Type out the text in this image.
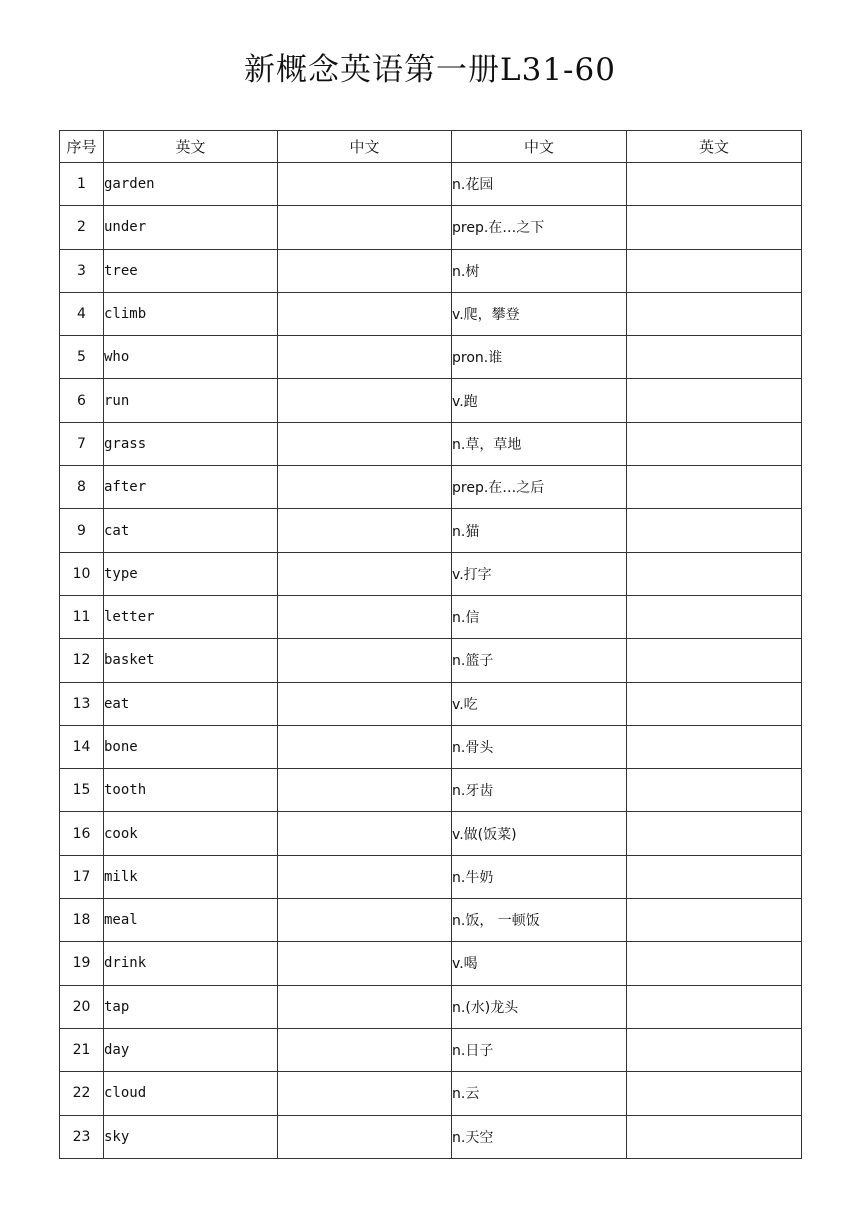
新概念英语第一册L31-60
序号	英文	中文	中文	英文
1	garden		n.花园	
2	under		prep.在…之下	
3	tree		n.树	
4	climb		v.爬，攀登	
5	who		pron.谁	
6	run		v.跑	
7	grass		n.草，草地	
8	after		prep.在…之后	
9	cat		n.猫	
10	type		v.打字	
11	letter		n.信	
12	basket		n.篮子	
13	eat		v.吃	
14	bone		n.骨头	
15	tooth		n.牙齿	
16	cook		v.做(饭菜)	
17	milk		n.牛奶	
18	meal		n.饭， 一顿饭	
19	drink		v.喝	
20	tap		n.(水)龙头	
21	day		n.日子	
22	cloud		n.云	
23	sky		n.天空	
